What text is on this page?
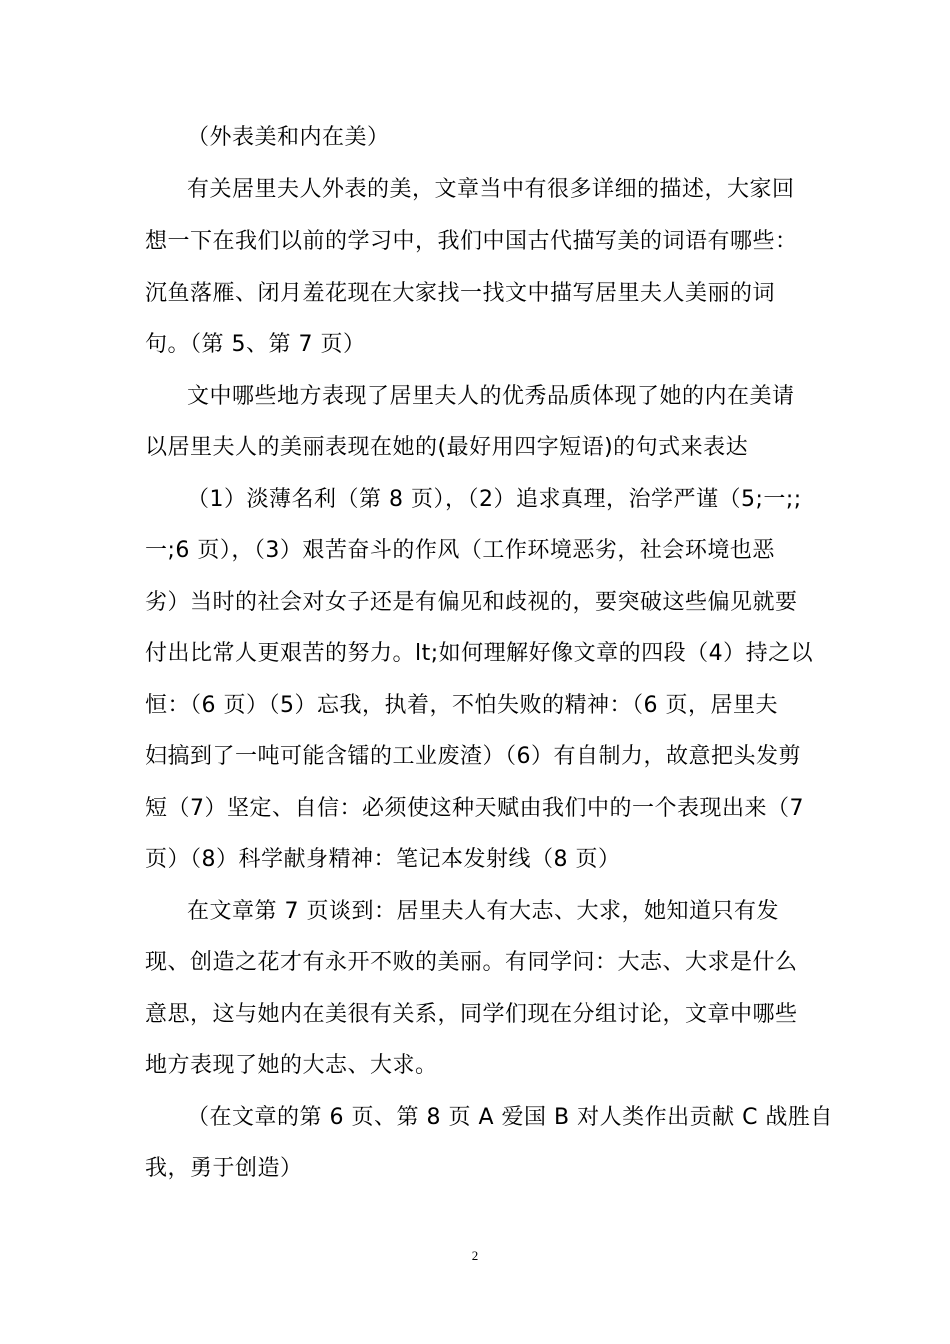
（外表美和内在美）
有关居里夫人外表的美，文章当中有很多详细的描述，大家回
想一下在我们以前的学习中，我们中国古代描写美的词语有哪些：
沉鱼落雁、闭月羞花现在大家找一找文中描写居里夫人美丽的词
句。（第 5、第 7 页）
文中哪些地方表现了居里夫人的优秀品质体现了她的内在美请
以居里夫人的美丽表现在她的(最好用四字短语)的句式来表达
（1）淡薄名利（第 8 页），（2）追求真理，治学严谨（5;一;;
一;6 页），（3）艰苦奋斗的作风（工作环境恶劣，社会环境也恶
劣）当时的社会对女子还是有偏见和歧视的，要突破这些偏见就要
付出比常人更艰苦的努力。lt;如何理解好像文章的四段（4）持之以
恒：（6 页）（5）忘我，执着，不怕失败的精神：（6 页，居里夫
妇搞到了一吨可能含镭的工业废渣）（6）有自制力，故意把头发剪
短（7）坚定、自信：必须使这种天赋由我们中的一个表现出来（7
页）（8）科学献身精神：笔记本发射线（8 页）
在文章第 7 页谈到：居里夫人有大志、大求，她知道只有发
现、创造之花才有永开不败的美丽。有同学问：大志、大求是什么
意思，这与她内在美很有关系，同学们现在分组讨论，文章中哪些
地方表现了她的大志、大求。
（在文章的第 6 页、第 8 页 A 爱国 B 对人类作出贡献 C 战胜自
我，勇于创造）
2
